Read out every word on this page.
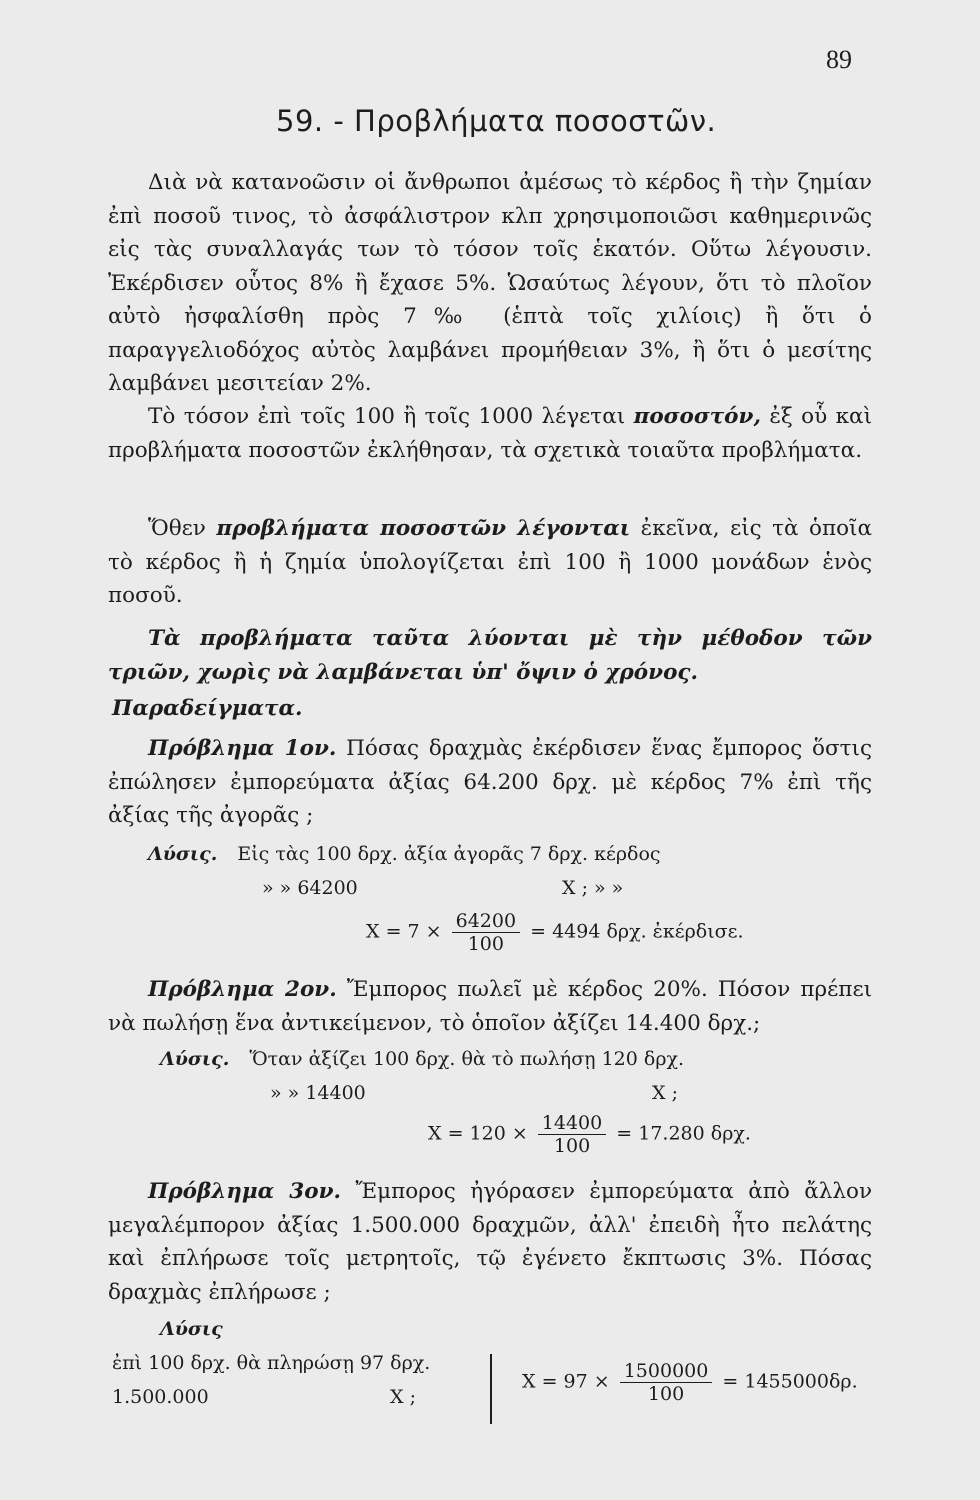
89
59. - Προβλήματα ποσοστῶν.

Διὰ νὰ κατανοῶσιν οἱ ἄνθρωποι ἀμέσως τὸ κέρδος ἢ τὴν ζημίαν ἐπὶ ποσοῦ τινος, τὸ ἀσφάλιστρον κλπ χρησιμοποιῶσι καθημερινῶς εἰς τὰς συναλλαγάς των τὸ τόσον τοῖς ἑκατόν. Οὕτω λέγουσιν. Ἐκέρδισεν οὗτος 8% ἢ ἔχασε 5%. Ὡσαύτως λέγουν, ὅτι τὸ πλοῖον αὐτὸ ἠσφαλίσθη πρὸς 7‰ (ἑπτὰ τοῖς χιλίοις) ἢ ὅτι ὁ παραγγελιοδόχος αὐτὸς λαμβάνει προμήθειαν 3%, ἢ ὅτι ὁ μεσίτης λαμβάνει μεσιτείαν 2%.

Τὸ τόσον ἐπὶ τοῖς 100 ἢ τοῖς 1000 λέγεται ποσοστόν, ἐξ οὗ καὶ προβλήματα ποσοστῶν ἐκλήθησαν, τὰ σχετικὰ τοιαῦτα προβλήματα.

Ὅθεν προβλήματα ποσοστῶν λέγονται ἐκεῖνα, εἰς τὰ ὁποῖα τὸ κέρδος ἢ ἡ ζημία ὑπολογίζεται ἐπὶ 100 ἢ 1000 μονάδων ἑνὸς ποσοῦ.

Τὰ προβλήματα ταῦτα λύονται μὲ τὴν μέθοδον τῶν τριῶν, χωρὶς νὰ λαμβάνεται ὑπ' ὄψιν ὁ χρόνος.

Παραδείγματα.

Πρόβλημα 1ον. Πόσας δραχμὰς ἐκέρδισεν ἕνας ἔμπορος ὅστις ἐπώλησεν ἐμπορεύματα ἀξίας 64.200 δρχ. μὲ κέρδος 7% ἐπὶ τῆς ἀξίας τῆς ἀγορᾶς ;

Λύσις. Εἰς τὰς 100 δρχ. ἀξία ἀγορᾶς 7 δρχ. κέρδος
» » 64200	Χ ; » »
$X = 7 \times \frac{64200}{100} = 4494$ δρχ. ἐκέρδισε.

Πρόβλημα 2ον. Ἔμπορος πωλεῖ μὲ κέρδος 20%. Πόσον πρέπει νὰ πωλήσῃ ἕνα ἀντικείμενον, τὸ ὁποῖον ἀξίζει 14.400 δρχ.;

Λύσις. Ὅταν ἀξίζει 100 δρχ. θὰ τὸ πωλήσῃ 120 δρχ.
» » 14400	Χ ;
$X = 120 \times \frac{14400}{100} = 17.280$ δρχ.

Πρόβλημα 3ον. Ἔμπορος ἠγόρασεν ἐμπορεύματα ἀπὸ ἄλλον μεγαλέμπορον ἀξίας 1.500.000 δραχμῶν, ἀλλ' ἐπειδὴ ἦτο πελάτης καὶ ἐπλήρωσε τοῖς μετρητοῖς, τῷ ἐγένετο ἔκπτωσις 3%. Πόσας δραχμὰς ἐπλήρωσε ;

Λύσις
ἐπὶ 100 δρχ. θὰ πληρώσῃ 97 δρχ.
1.500.000	Χ ;
$X = 97 \times \frac{1500000}{100} = 1455000\delta\rho$.
